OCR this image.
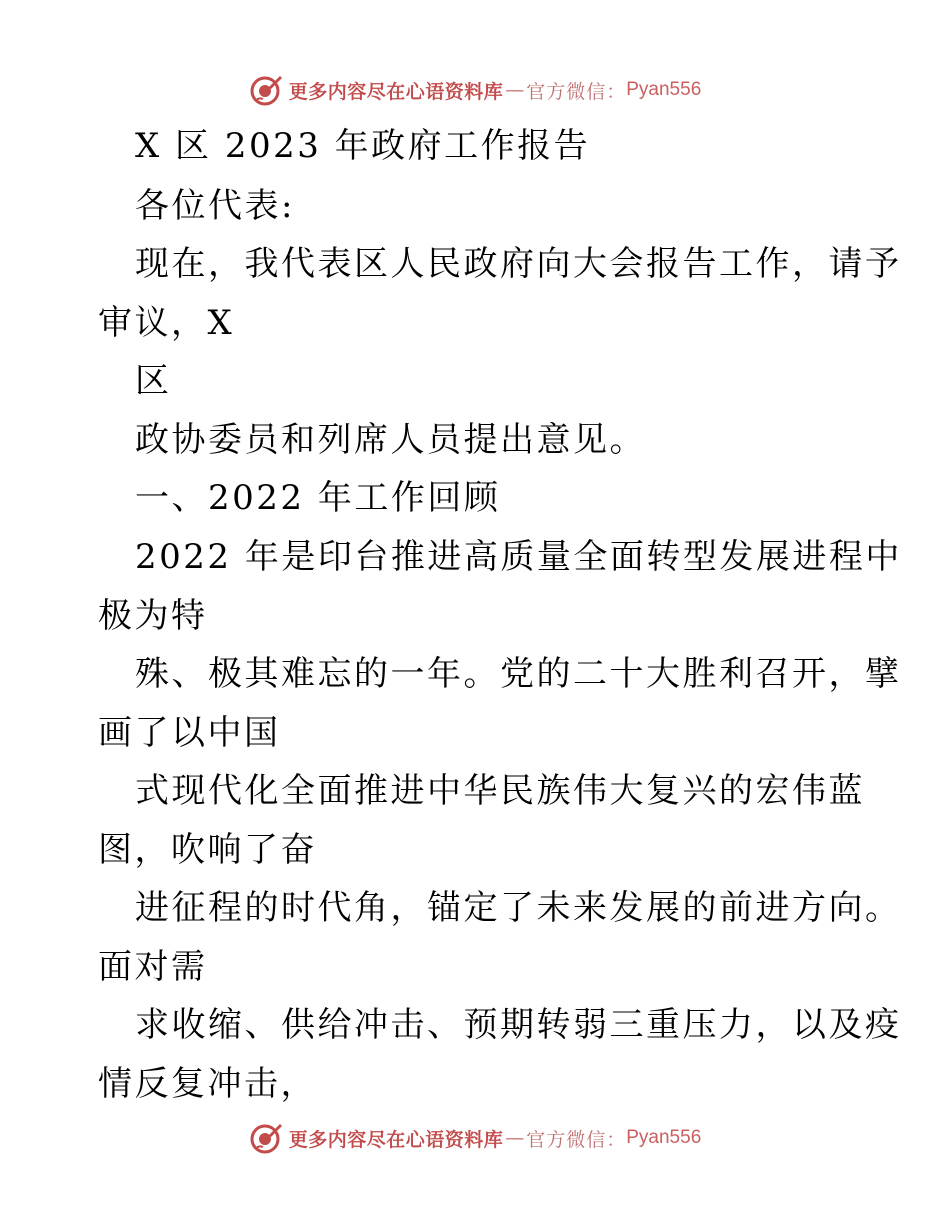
更多内容尽在心语资料库 — 官方微信： Pyan556
X 区 2023 年政府工作报告
各位代表:
现在，我代表区人民政府向大会报告工作，请予
审议，X
区
政协委员和列席人员提出意见。
一、2022 年工作回顾
2022 年是印台推进高质量全面转型发展进程中
极为特
殊、极其难忘的一年。党的二十大胜利召开，擘
画了以中国
式现代化全面推进中华民族伟大复兴的宏伟蓝
图，吹响了奋
进征程的时代角，锚定了未来发展的前进方向。
面对需
求收缩、供给冲击、预期转弱三重压力，以及疫
情反复冲击，
更多内容尽在心语资料库 — 官方微信： Pyan556
